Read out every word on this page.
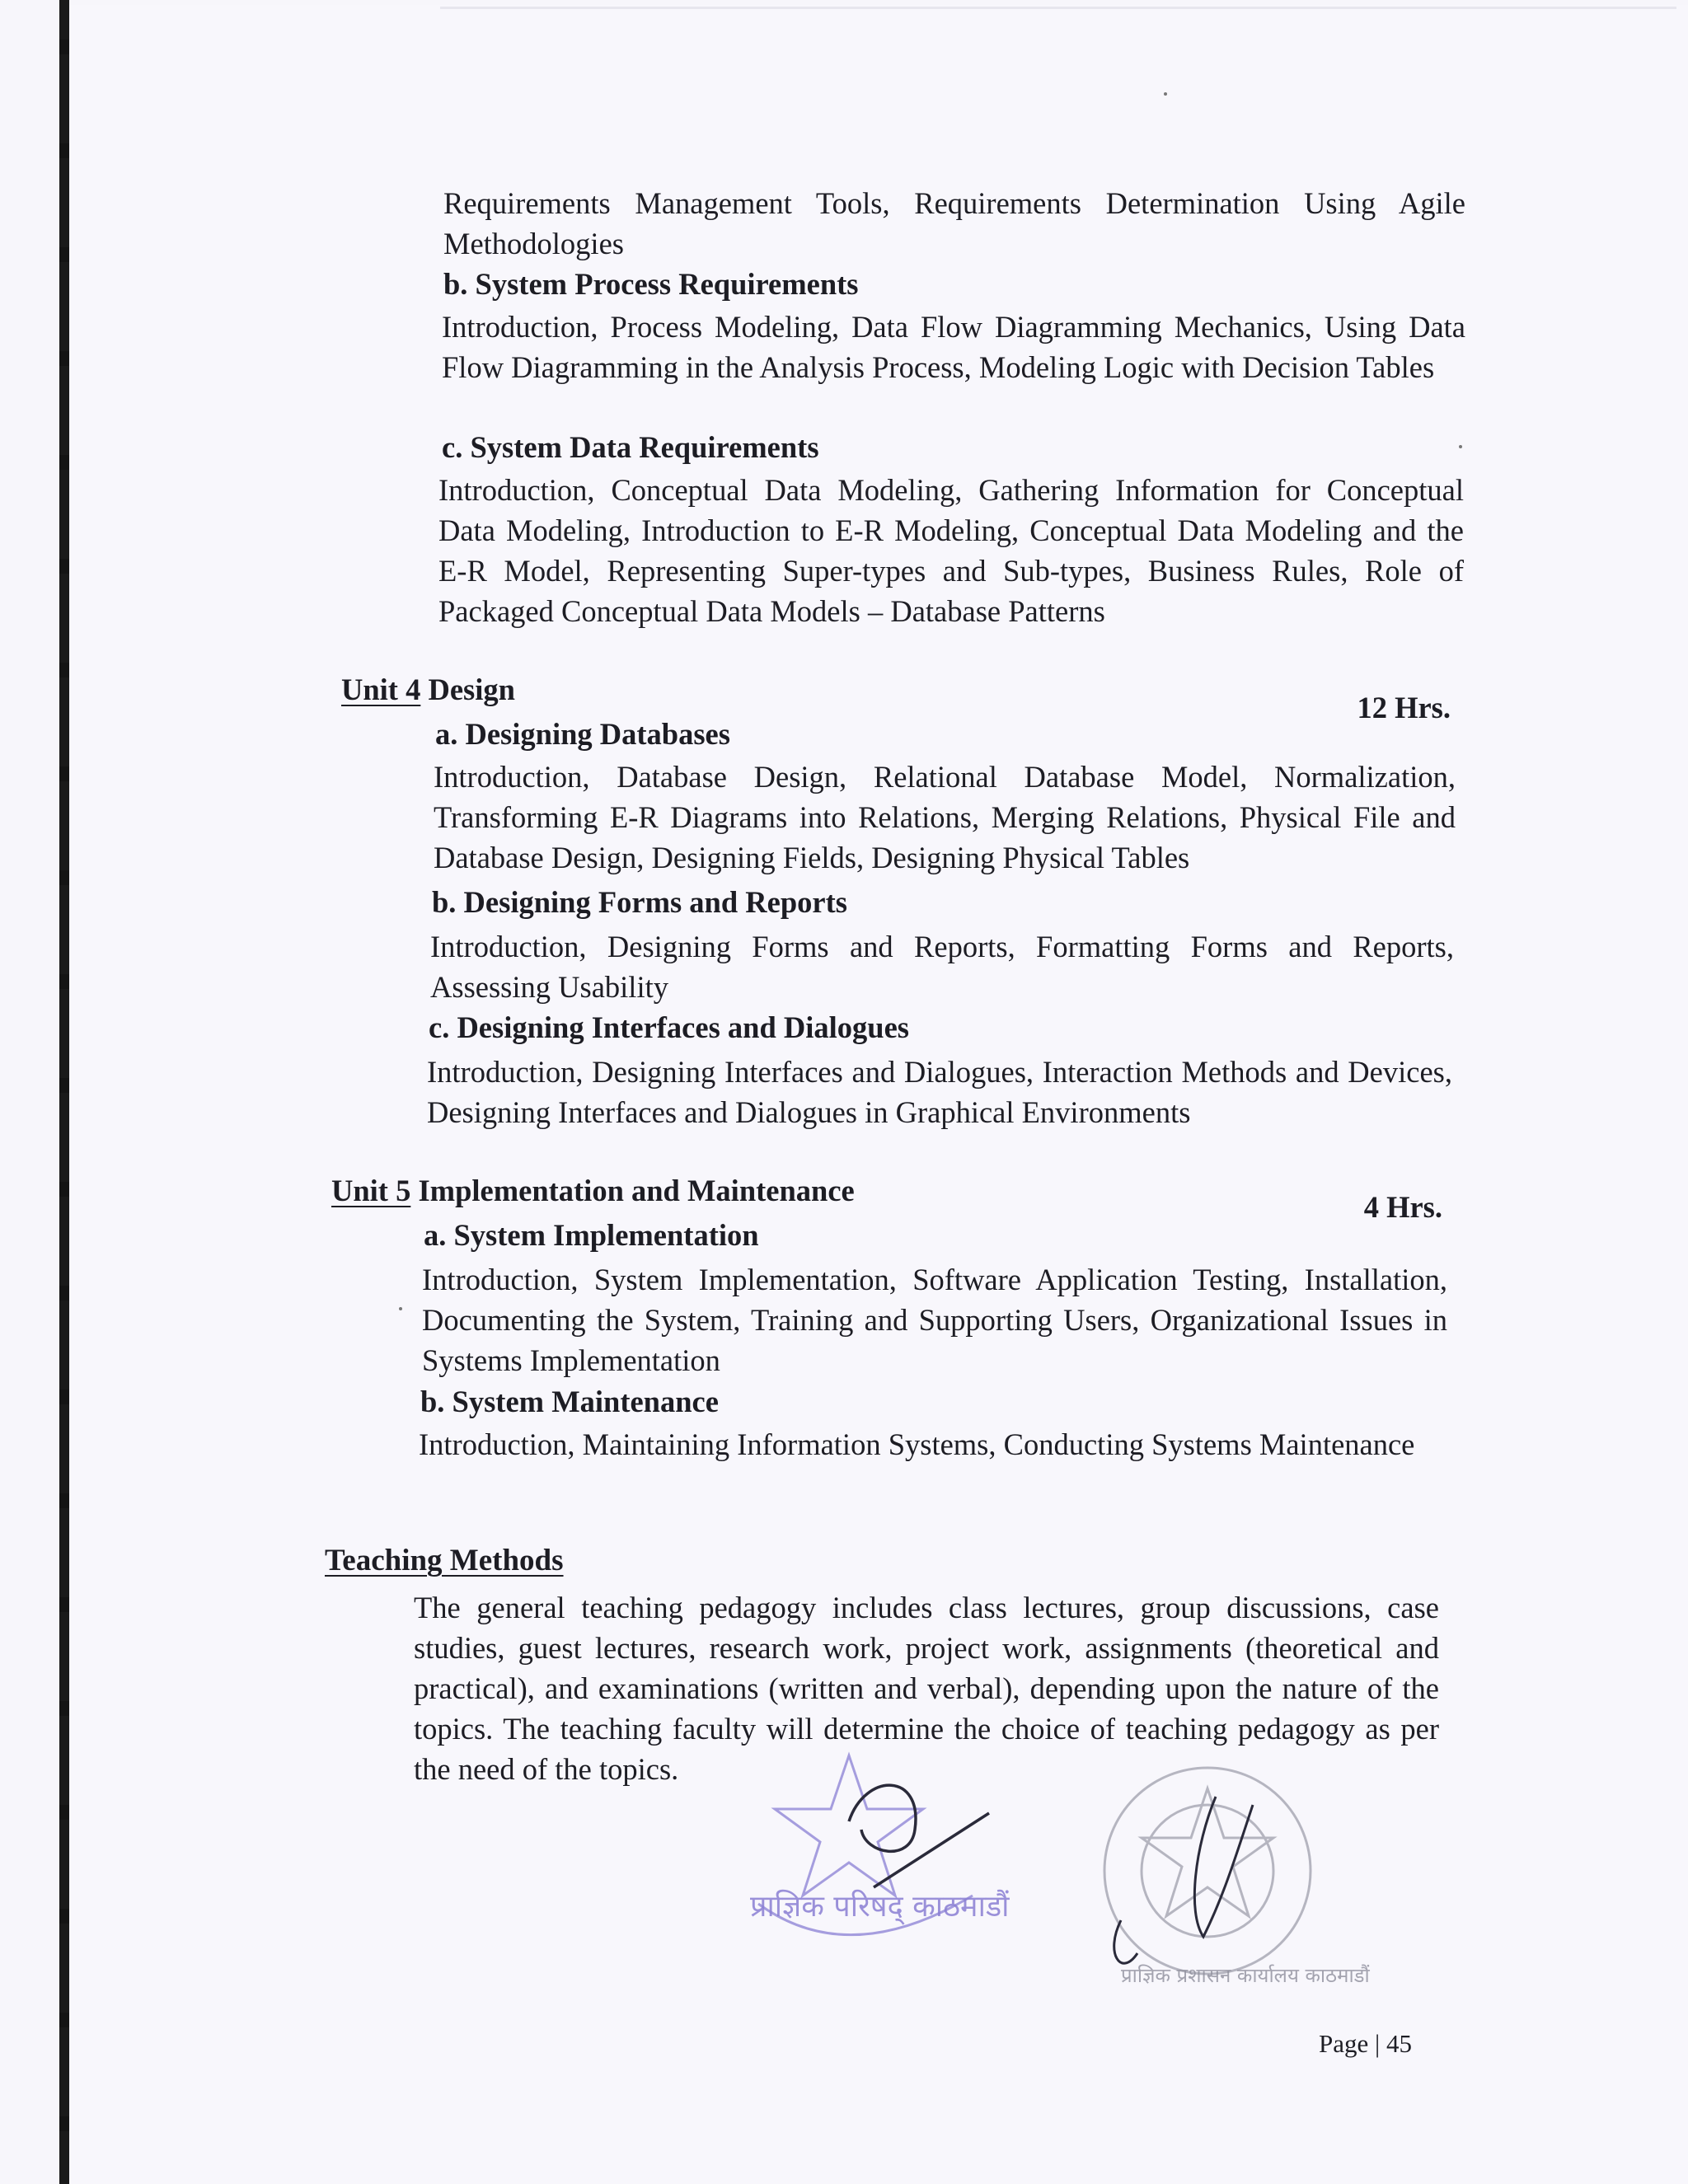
Requirements Management Tools, Requirements Determination Using Agile Methodologies
b. System Process Requirements
Introduction, Process Modeling, Data Flow Diagramming Mechanics, Using Data Flow Diagramming in the Analysis Process, Modeling Logic with Decision Tables
c. System Data Requirements
Introduction, Conceptual Data Modeling, Gathering Information for Conceptual Data Modeling, Introduction to E-R Modeling, Conceptual Data Modeling and the E-R Model, Representing Super-types and Sub-types, Business Rules, Role of Packaged Conceptual Data Models – Database Patterns
Unit 4 Design
12 Hrs.
a. Designing Databases
Introduction, Database Design, Relational Database Model, Normalization, Transforming E-R Diagrams into Relations, Merging Relations, Physical File and Database Design, Designing Fields, Designing Physical Tables
b. Designing Forms and Reports
Introduction, Designing Forms and Reports, Formatting Forms and Reports, Assessing Usability
c. Designing Interfaces and Dialogues
Introduction, Designing Interfaces and Dialogues, Interaction Methods and Devices, Designing Interfaces and Dialogues in Graphical Environments
Unit 5 Implementation and Maintenance	4 Hrs.
a. System Implementation
Introduction, System Implementation, Software Application Testing, Installation, Documenting the System, Training and Supporting Users, Organizational Issues in Systems Implementation
b. System Maintenance
Introduction, Maintaining Information Systems, Conducting Systems Maintenance
Teaching Methods
The general teaching pedagogy includes class lectures, group discussions, case studies, guest lectures, research work, project work, assignments (theoretical and practical), and examinations (written and verbal), depending upon the nature of the topics. The teaching faculty will determine the choice of teaching pedagogy as per the need of the topics.
प्राज्ञिक परिषद् काठमाडौं
प्राज्ञिक प्रशासन कार्यालय काठमाडौं
Page | 45
